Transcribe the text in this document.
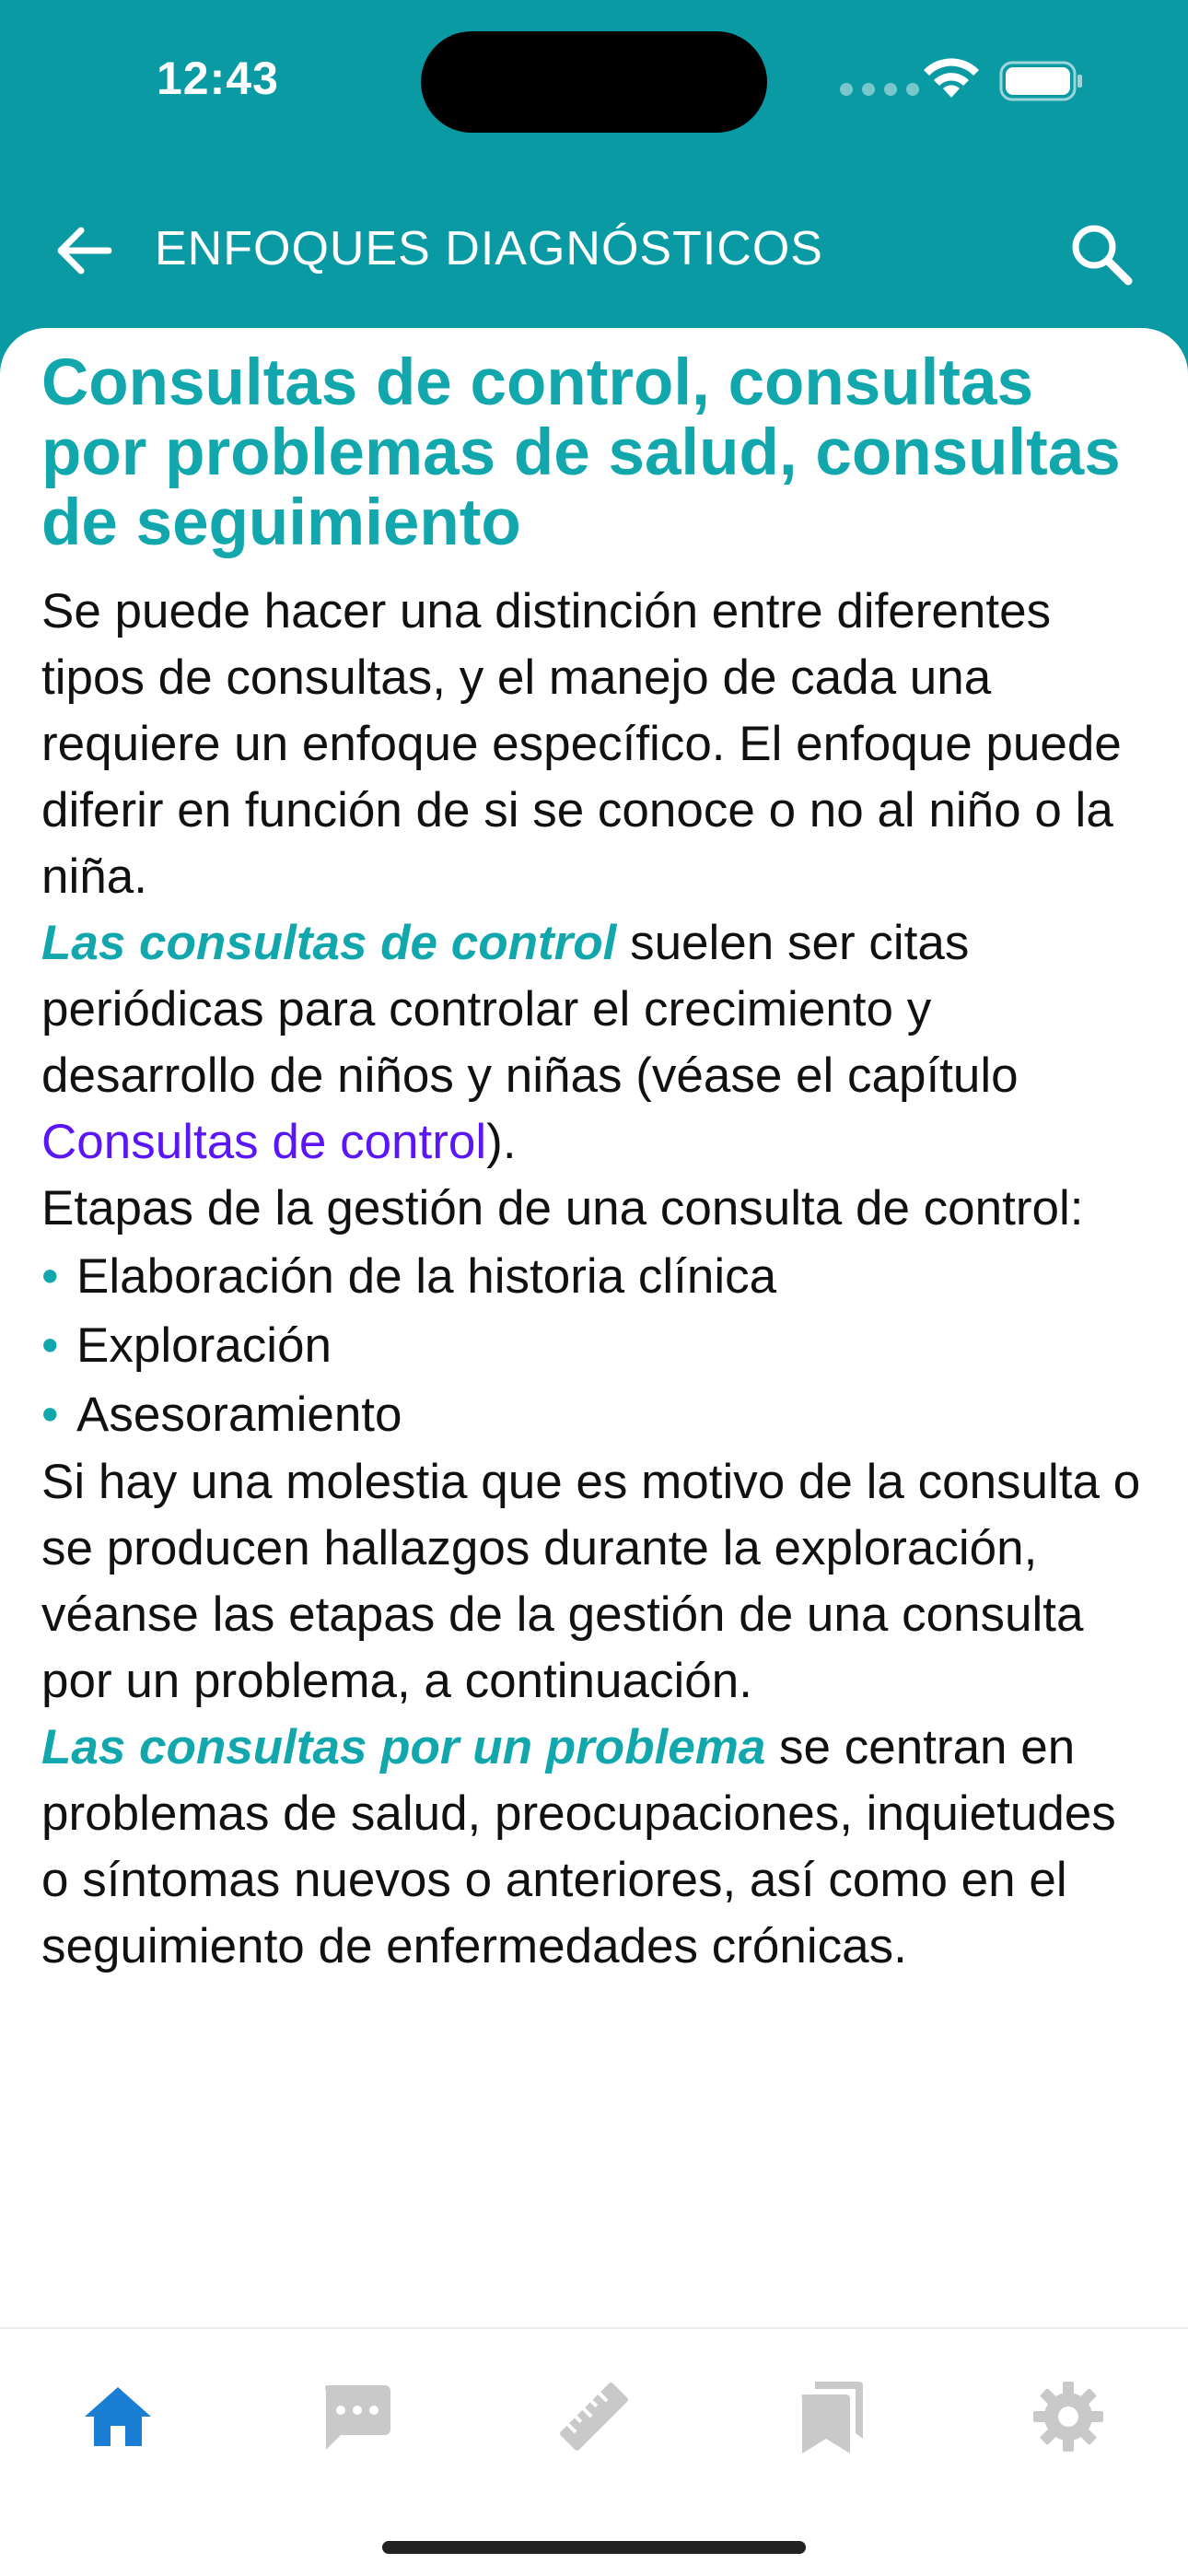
12:43
ENFOQUES DIAGNÓSTICOS
Consultas de control, consultas por problemas de salud, consultas de seguimiento

Se puede hacer una distinción entre diferentes tipos de consultas, y el manejo de cada una requiere un enfoque específico. El enfoque puede diferir en función de si se conoce o no al niño o la niña.

Las consultas de control suelen ser citas periódicas para controlar el crecimiento y desarrollo de niños y niñas (véase el capítulo Consultas de control).

Etapas de la gestión de una consulta de control:

• Elaboración de la historia clínica
• Exploración
• Asesoramiento

Si hay una molestia que es motivo de la consulta o se producen hallazgos durante la exploración, véanse las etapas de la gestión de una consulta por un problema, a continuación.

Las consultas por un problema se centran en problemas de salud, preocupaciones, inquietudes o síntomas nuevos o anteriores, así como en el seguimiento de enfermedades crónicas.
